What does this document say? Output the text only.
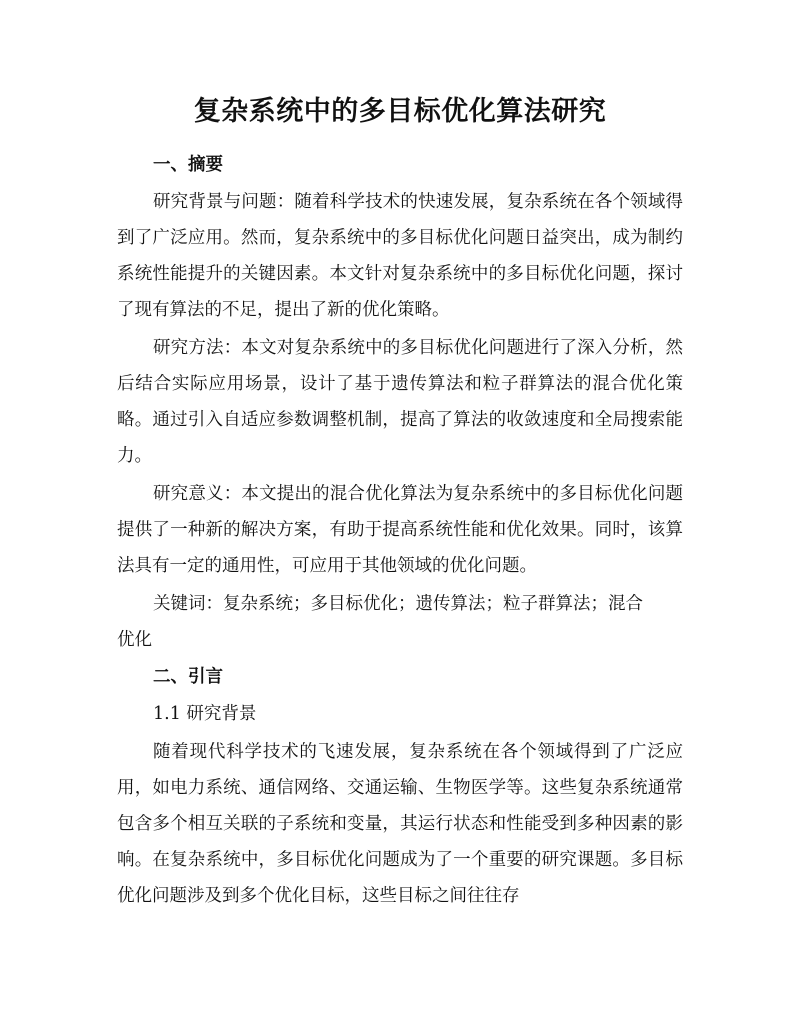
复杂系统中的多目标优化算法研究
一、摘要

研究背景与问题：随着科学技术的快速发展，复杂系统在各个领域得到了广泛应用。然而，复杂系统中的多目标优化问题日益突出，成为制约系统性能提升的关键因素。本文针对复杂系统中的多目标优化问题，探讨了现有算法的不足，提出了新的优化策略。

研究方法：本文对复杂系统中的多目标优化问题进行了深入分析，然后结合实际应用场景，设计了基于遗传算法和粒子群算法的混合优化策略。通过引入自适应参数调整机制，提高了算法的收敛速度和全局搜索能力。

研究意义：本文提出的混合优化算法为复杂系统中的多目标优化问题提供了一种新的解决方案，有助于提高系统性能和优化效果。同时，该算法具有一定的通用性，可应用于其他领域的优化问题。

关键词：复杂系统；多目标优化；遗传算法；粒子群算法；混合

优化

二、引言

1.1 研究背景

随着现代科学技术的飞速发展，复杂系统在各个领域得到了广泛应用，如电力系统、通信网络、交通运输、生物医学等。这些复杂系统通常包含多个相互关联的子系统和变量，其运行状态和性能受到多种因素的影响。在复杂系统中，多目标优化问题成为了一个重要的研究课题。多目标优化问题涉及到多个优化目标，这些目标之间往往存
